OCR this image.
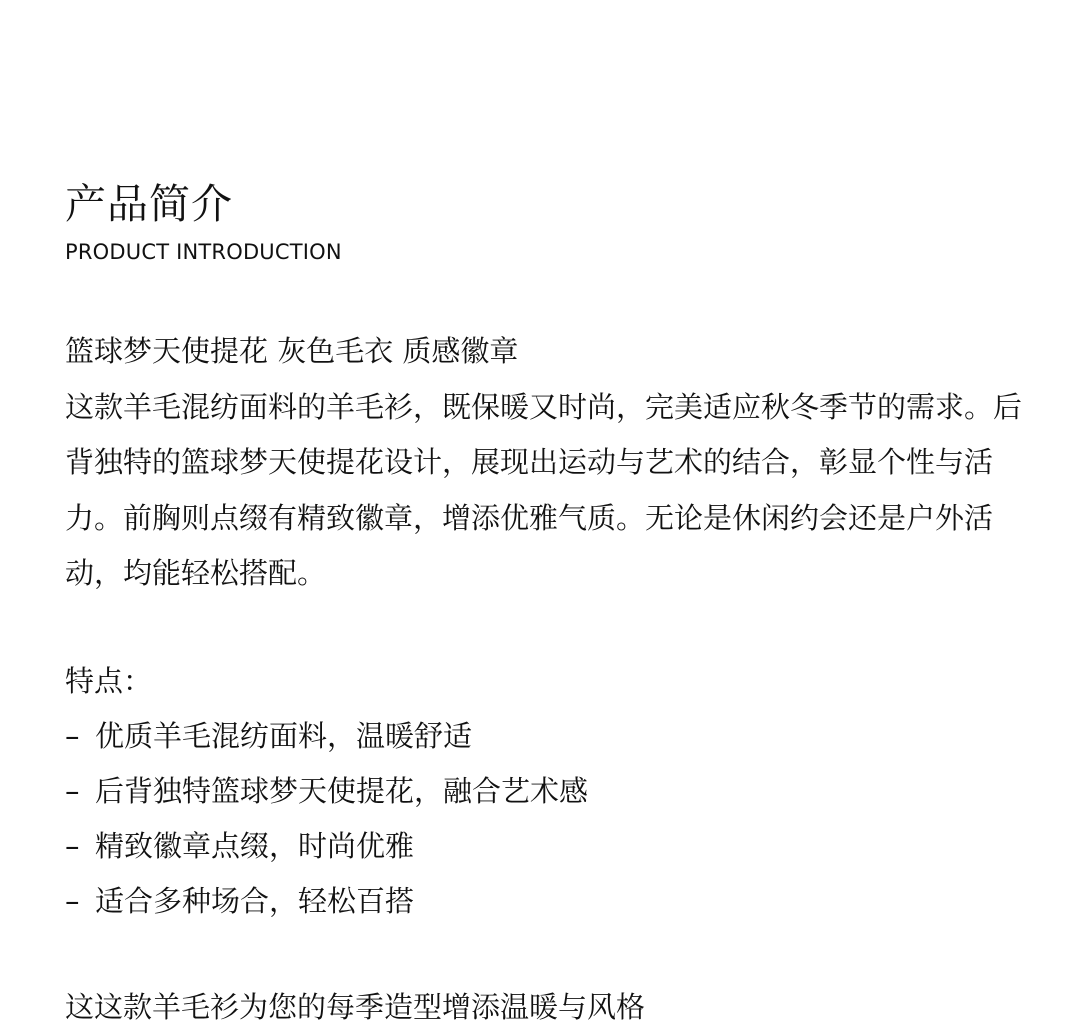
产品简介
PRODUCT INTRODUCTION

篮球梦天使提花 灰色毛衣 质感徽章

这款羊毛混纺面料的羊毛衫，既保暖又时尚，完美适应秋冬季节的需求。后背独特的篮球梦天使提花设计，展现出运动与艺术的结合，彰显个性与活力。前胸则点缀有精致徽章，增添优雅气质。无论是休闲约会还是户外活动，均能轻松搭配。

特点：
– 优质羊毛混纺面料，温暖舒适
– 后背独特篮球梦天使提花，融合艺术感
– 精致徽章点缀，时尚优雅
– 适合多种场合，轻松百搭
这这款羊毛衫为您的每季造型增添温暖与风格
